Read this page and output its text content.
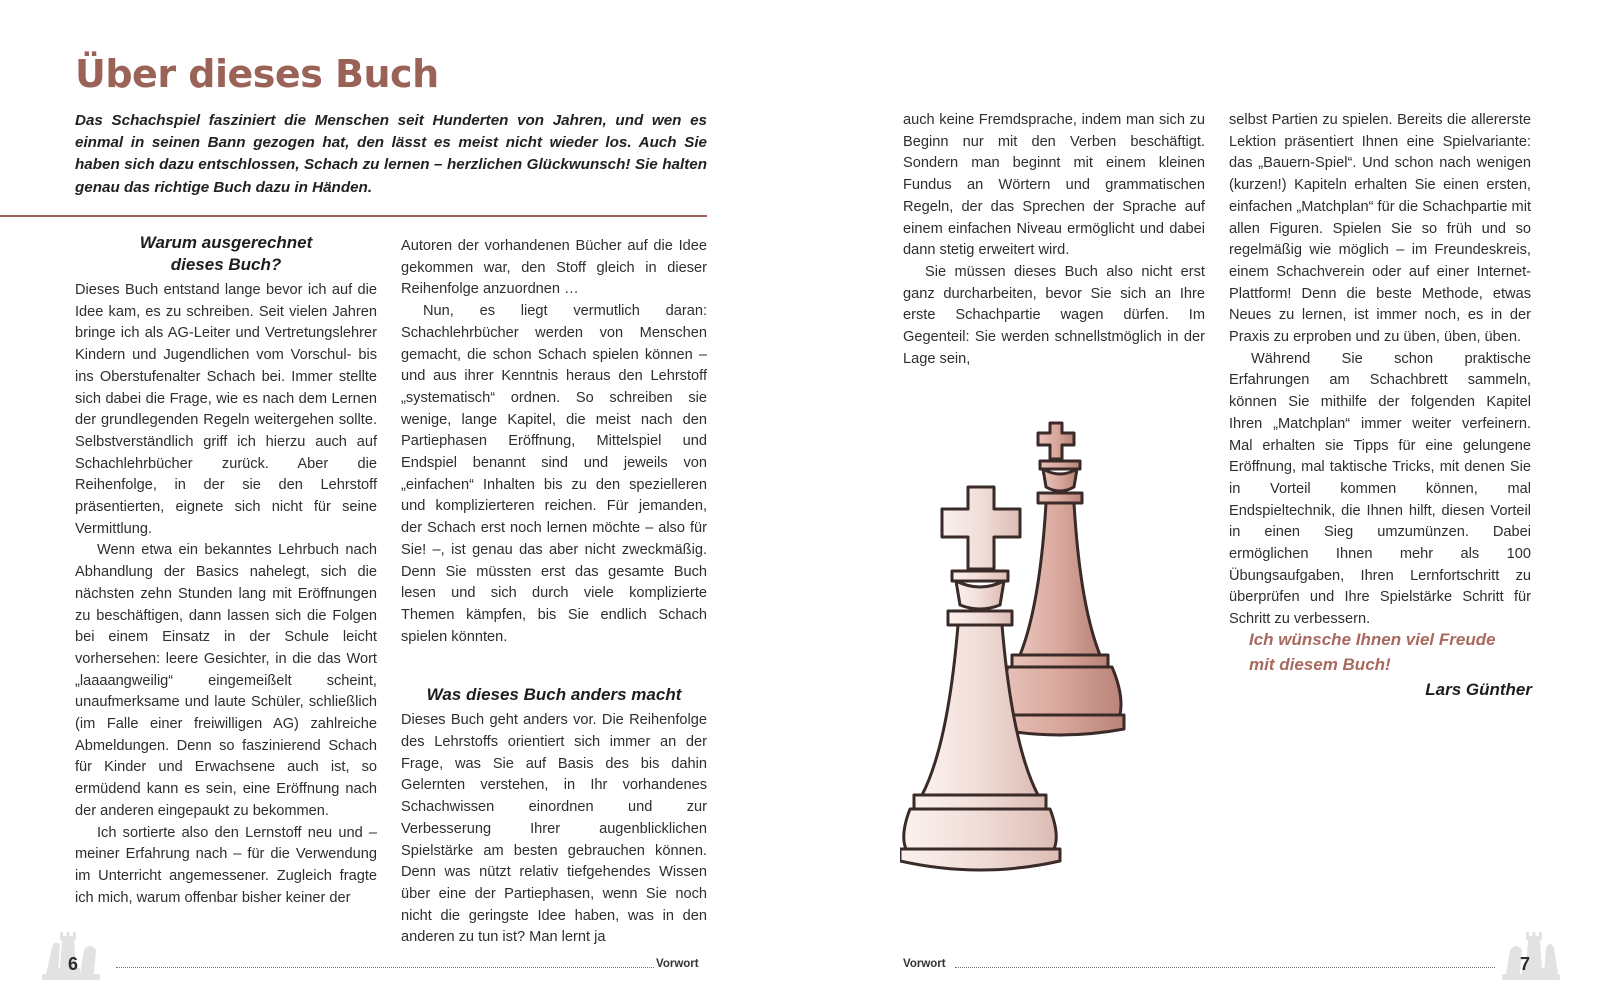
Über dieses Buch

Das Schachspiel fasziniert die Menschen seit Hunderten von Jahren, und wen es einmal in seinen Bann gezogen hat, den lässt es meist nicht wieder los. Auch Sie haben sich dazu entschlossen, Schach zu lernen – herzlichen Glückwunsch! Sie halten genau das richtige Buch dazu in Händen.

Warum ausgerechnet
dieses Buch?

Dieses Buch entstand lange bevor ich auf die Idee kam, es zu schreiben. Seit vielen Jahren bringe ich als AG-Leiter und Vertretungslehrer Kindern und Jugendlichen vom Vorschul- bis ins Oberstufenalter Schach bei. Immer stellte sich dabei die Frage, wie es nach dem Lernen der grundlegenden Regeln weitergehen sollte. Selbstverständlich griff ich hierzu auch auf Schachlehrbücher zurück. Aber die Reihenfolge, in der sie den Lehrstoff präsentierten, eignete sich nicht für seine Vermittlung.

Wenn etwa ein bekanntes Lehrbuch nach Abhandlung der Basics nahelegt, sich die nächsten zehn Stunden lang mit Eröffnungen zu beschäftigen, dann lassen sich die Folgen bei einem Einsatz in der Schule leicht vorhersehen: leere Gesichter, in die das Wort „laaaangweilig“ eingemeißelt scheint, unaufmerksame und laute Schüler, schließlich (im Falle einer freiwilligen AG) zahlreiche Abmeldungen. Denn so faszinierend Schach für Kinder und Erwachsene auch ist, so ermüdend kann es sein, eine Eröffnung nach der anderen eingepaukt zu bekommen.

Ich sortierte also den Lernstoff neu und – meiner Erfahrung nach – für die Verwendung im Unterricht angemessener. Zugleich fragte ich mich, warum offenbar bisher keiner der

Autoren der vorhandenen Bücher auf die Idee gekommen war, den Stoff gleich in dieser Reihenfolge anzuordnen …

Nun, es liegt vermutlich daran: Schachlehrbücher werden von Menschen gemacht, die schon Schach spielen können – und aus ihrer Kenntnis heraus den Lehrstoff „systematisch“ ordnen. So schreiben sie wenige, lange Kapitel, die meist nach den Partiephasen Eröffnung, Mittelspiel und Endspiel benannt sind und jeweils von „einfachen“ Inhalten bis zu den spezielleren und komplizierteren reichen. Für jemanden, der Schach erst noch lernen möchte – also für Sie! –, ist genau das aber nicht zweckmäßig. Denn Sie müssten erst das gesamte Buch lesen und sich durch viele komplizierte Themen kämpfen, bis Sie endlich Schach spielen könnten.

Was dieses Buch anders macht

Dieses Buch geht anders vor. Die Reihenfolge des Lehrstoffs orientiert sich immer an der Frage, was Sie auf Basis des bis dahin Gelernten verstehen, in Ihr vorhandenes Schachwissen einordnen und zur Verbesserung Ihrer augenblicklichen Spielstärke am besten gebrauchen können. Denn was nützt relativ tiefgehendes Wissen über eine der Partiephasen, wenn Sie noch nicht die geringste Idee haben, was in den anderen zu tun ist? Man lernt ja

6	Vorwort

auch keine Fremdsprache, indem man sich zu Beginn nur mit den Verben beschäftigt. Sondern man beginnt mit einem kleinen Fundus an Wörtern und grammatischen Regeln, der das Sprechen der Sprache auf einem einfachen Niveau ermöglicht und dabei dann stetig erweitert wird.

Sie müssen dieses Buch also nicht erst ganz durcharbeiten, bevor Sie sich an Ihre erste Schachpartie wagen dürfen. Im Gegenteil: Sie werden schnellstmöglich in der Lage sein,

selbst Partien zu spielen. Bereits die allererste Lektion präsentiert Ihnen eine Spielvariante: das „Bauern-Spiel“. Und schon nach wenigen (kurzen!) Kapiteln erhalten Sie einen ersten, einfachen „Matchplan“ für die Schachpartie mit allen Figuren. Spielen Sie so früh und so regelmäßig wie möglich – im Freundeskreis, einem Schachverein oder auf einer Internet-Plattform! Denn die beste Methode, etwas Neues zu lernen, ist immer noch, es in der Praxis zu erproben und zu üben, üben, üben.

Während Sie schon praktische Erfahrungen am Schachbrett sammeln, können Sie mithilfe der folgenden Kapitel Ihren „Matchplan“ immer weiter verfeinern. Mal erhalten sie Tipps für eine gelungene Eröffnung, mal taktische Tricks, mit denen Sie in Vorteil kommen können, mal Endspieltechnik, die Ihnen hilft, diesen Vorteil in einen Sieg umzumünzen. Dabei ermöglichen Ihnen mehr als 100 Übungsaufgaben, Ihren Lernfortschritt zu überprüfen und Ihre Spielstärke Schritt für Schritt zu verbessern.

Ich wünsche Ihnen viel Freude
mit diesem Buch!
Lars Günther
Vorwort	7
